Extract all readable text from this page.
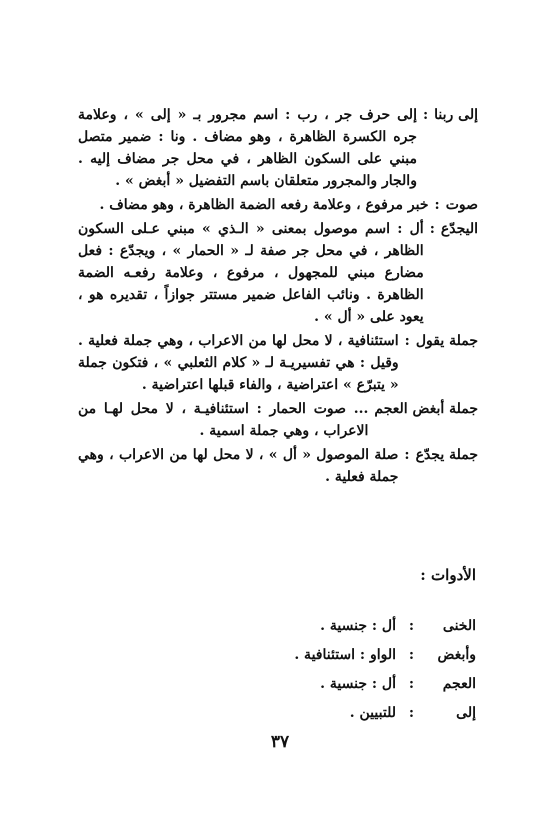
إلى ربنا
:
إلى حرف جر ، رب : اسم مجرور بـ « إلى » ، وعلامة جره الكسرة الظاهرة ، وهو مضاف . ونا : ضمير متصل مبني على السكون الظاهر ، في محل جر مضاف إليه . والجار والمجرور متعلقان باسم التفضيل « أبغض » .
صوت
:
خبر مرفوع ، وعلامة رفعه الضمة الظاهرة ، وهو مضاف .
اليجدّع
:
أل : اسم موصول بمعنى « الـذي » مبني عـلى السكون الظاهر ، في محل جر صفة لـ « الحمار » ، ويجدّع : فعل مضارع مبني للمجهول ، مرفوع ، وعلامة رفعـه الضمة الظاهرة . ونائب الفاعل ضمير مستتر جوازاً ، تقديره هو ، يعود على « أل » .
جملة يقول
:
استئنافية ، لا محل لها من الاعراب ، وهي جملة فعلية . وقيل : هي تفسيريـة لـ « كلام الثعلبي » ، فتكون جملة « يتبرّع » اعتراضية ، والفاء قبلها اعتراضية .
جملة أبغض العجم
... صوت الحمار : استئنافيـة ، لا محل لهـا من الاعراب ، وهي جملة اسمية .
جملة يجدّع
:
صلة الموصول « أل » ، لا محل لها من الاعراب ، وهي جملة فعلية .
الأدوات :
الخنى
:
أل : جنسية .
وأبغض
:
الواو : استئنافية .
العجم
:
أل : جنسية .
إلى
:
للتبيين .
٣٧
